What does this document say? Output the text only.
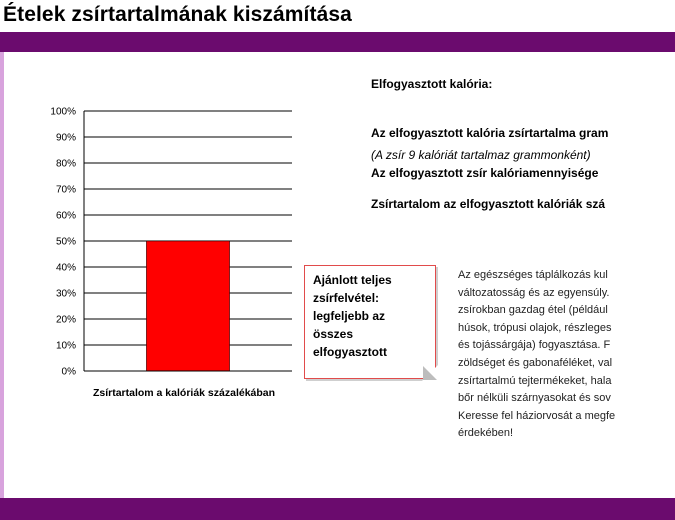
Ételek zsírtartalmának kiszámítása
0%
10%
20%
30%
40%
50%
60%
70%
80%
90%
100%
Zsírtartalom a kalóriák százalékában
Elfogyasztott kalória:
Az elfogyasztott kalória zsírtartalma gram
(A zsír 9 kalóriát tartalmaz grammonként)
Az elfogyasztott zsír kalóriamennyisége
Zsírtartalom az elfogyasztott kalóriák szá
Ajánlott teljes
zsírfelvétel:
legfeljebb az
összes
elfogyasztott
Az egészséges táplálkozás kul
változatosság és az egyensúly.
zsírokban gazdag étel (például
húsok, trópusi olajok, részleges
és tojássárgája) fogyasztása. F
zöldséget és gabonaféléket, val
zsírtartalmú tejtermékeket, hala
bőr nélküli szárnyasokat és sov
Keresse fel háziorvosát a megfe
érdekében!
